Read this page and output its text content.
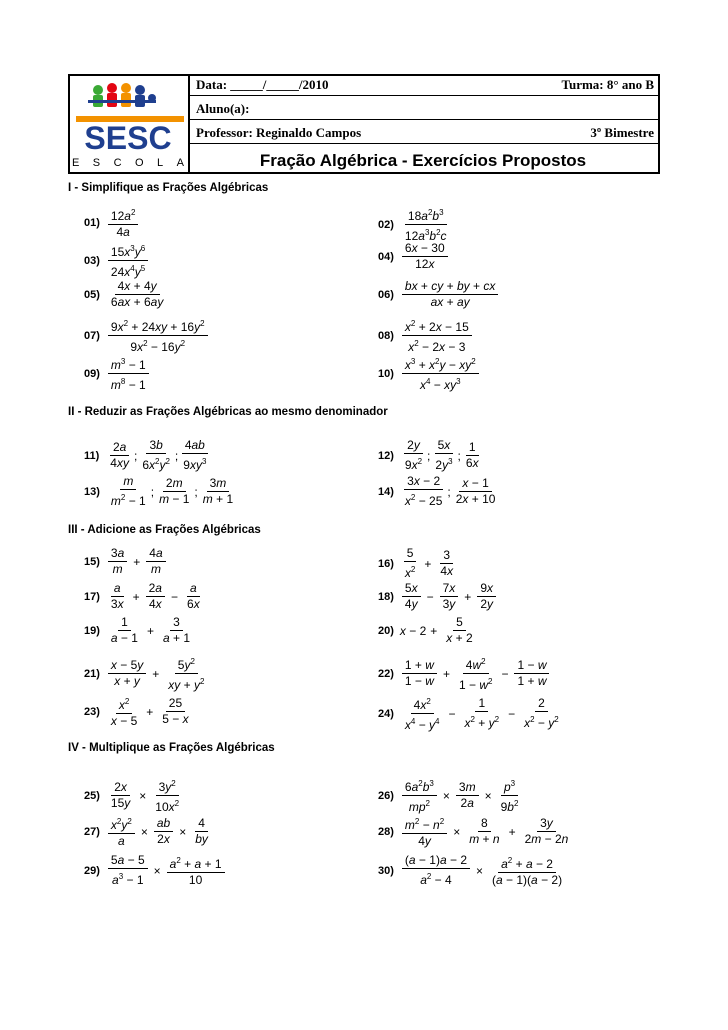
SESC
E S C O L A
Data: _____/_____/2010	Turma: 8° ano B
Aluno(a):
Professor: Reginaldo Campos	3º Bimestre
Fração Algébrica - Exercícios Propostos
I - Simplifique as Frações Algébricas
$01) \frac{12a^2}{4a}$	$02) \frac{18a^2b^3}{12a^3b^2c}$
$03) \frac{15x^3y^6}{24x^4y^5}$	$04) \frac{6x - 30}{12x}$
$05) \frac{4x + 4y}{6ax + 6ay}$	$06) \frac{bx + cy + by + cx}{ax + ay}$
$07) \frac{9x^2 + 24xy + 16y^2}{9x^2 - 16y^2}$	$08) \frac{x^2 + 2x - 15}{x^2 - 2x - 3}$
$09) \frac{m^3 - 1}{m^8 - 1}$	$10) \frac{x^3 + x^2y - xy^2}{x^4 - xy^3}$
II - Reduzir as Frações Algébricas ao mesmo denominador
$11) \frac{2a}{4xy}$ ; $\frac{3b}{6x^2y^2}$ ; $\frac{4ab}{9xy^3}$	$12) \frac{2y}{9x^2}$ ; $\frac{5x}{2y^3}$ ; $\frac{1}{6x}$
$13) \frac{m}{m^2 - 1}$ ; $\frac{2m}{m - 1}$ ; $\frac{3m}{m + 1}$	$14) \frac{3x - 2}{x^2 - 25}$ ; $\frac{x - 1}{2x + 10}$
III - Adicione as Frações Algébricas
$15) \frac{3a}{m} + \frac{4a}{m}$	$16) \frac{5}{x^2} + \frac{3}{4x}$
$17) \frac{a}{3x} + \frac{2a}{4x} - \frac{a}{6x}$	$18) \frac{5x}{4y} - \frac{7x}{3y} + \frac{9x}{2y}$
$19) \frac{1}{a - 1} + \frac{3}{a + 1}$	20) $x - 2 + \frac{5}{x + 2}$
$21) \frac{x - 5y}{x + y} + \frac{5y^2}{xy + y^2}$	$22) \frac{1 + w}{1 - w} + \frac{4w^2}{1 - w^2} - \frac{1 - w}{1 + w}$
$23) \frac{x^2}{x - 5} + \frac{25}{5 - x}$	$24) \frac{4x^2}{x^4 - y^4} - \frac{1}{x^2 + y^2} - \frac{2}{x^2 - y^2}$
IV - Multiplique as Frações Algébricas
$25) \frac{2x}{15y} \times \frac{3y^2}{10x^2}$	$26) \frac{6a^2b^3}{mp^2} \times \frac{3m}{2a} \times \frac{p^3}{9b^2}$
$27) \frac{x^2y^2}{a} \times \frac{ab}{2x} \times \frac{4}{by}$	$28) \frac{m^2 - n^2}{4y} \times \frac{8}{m + n} + \frac{3y}{2m - 2n}$
$29) \frac{5a - 5}{a^3 - 1} \times \frac{a^2 + a + 1}{10}$	$30) \frac{(a - 1)a - 2}{a^2 - 4} \times \frac{a^2 + a - 2}{(a - 1)(a - 2)}$
